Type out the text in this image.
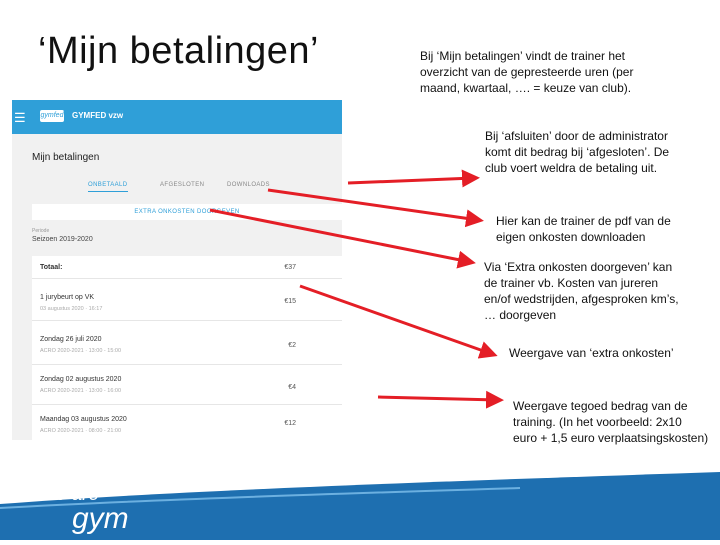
‘Mijn betalingen’	Bij ‘Mijn betalingen’ vindt de trainer het overzicht van de gepresteerde uren (per maand, kwartaal, …. = keuze van club).
Bij ‘afsluiten’ door de administrator komt dit bedrag bij ‘afgesloten’. De club voert weldra de betaling uit.
Hier kan de trainer de pdf van de eigen onkosten downloaden
Via ‘Extra onkosten doorgeven’ kan de trainer vb. Kosten van jureren en/of wedstrijden, afgesproken km’s, … doorgeven
Weergave van ‘extra onkosten’
Weergave tegoed bedrag van de training. (In het voorbeeld: 2x10 euro + 1,5 euro verplaatsingskosten)
☰ gymfed GYMFED vzw
Mijn betalingen
ONBETAALD	AFGESLOTEN	DOWNLOADS
EXTRA ONKOSTEN DOORGEVEN
Periode
Seizoen 2019-2020
Totaal:	€37
1 jurybeurt op VK
03 augustus 2020 · 16:17
€15
Zondag 26 juli 2020
ACRO 2020-2021 · 13:00 - 15:00
€2
Zondag 02 augustus 2020
ACRO 2020-2021 · 13:00 - 16:00	€4
Maandag 03 augustus 2020
ACRO 2020-2021 · 08:00 - 21:00
€12
we are
gym
